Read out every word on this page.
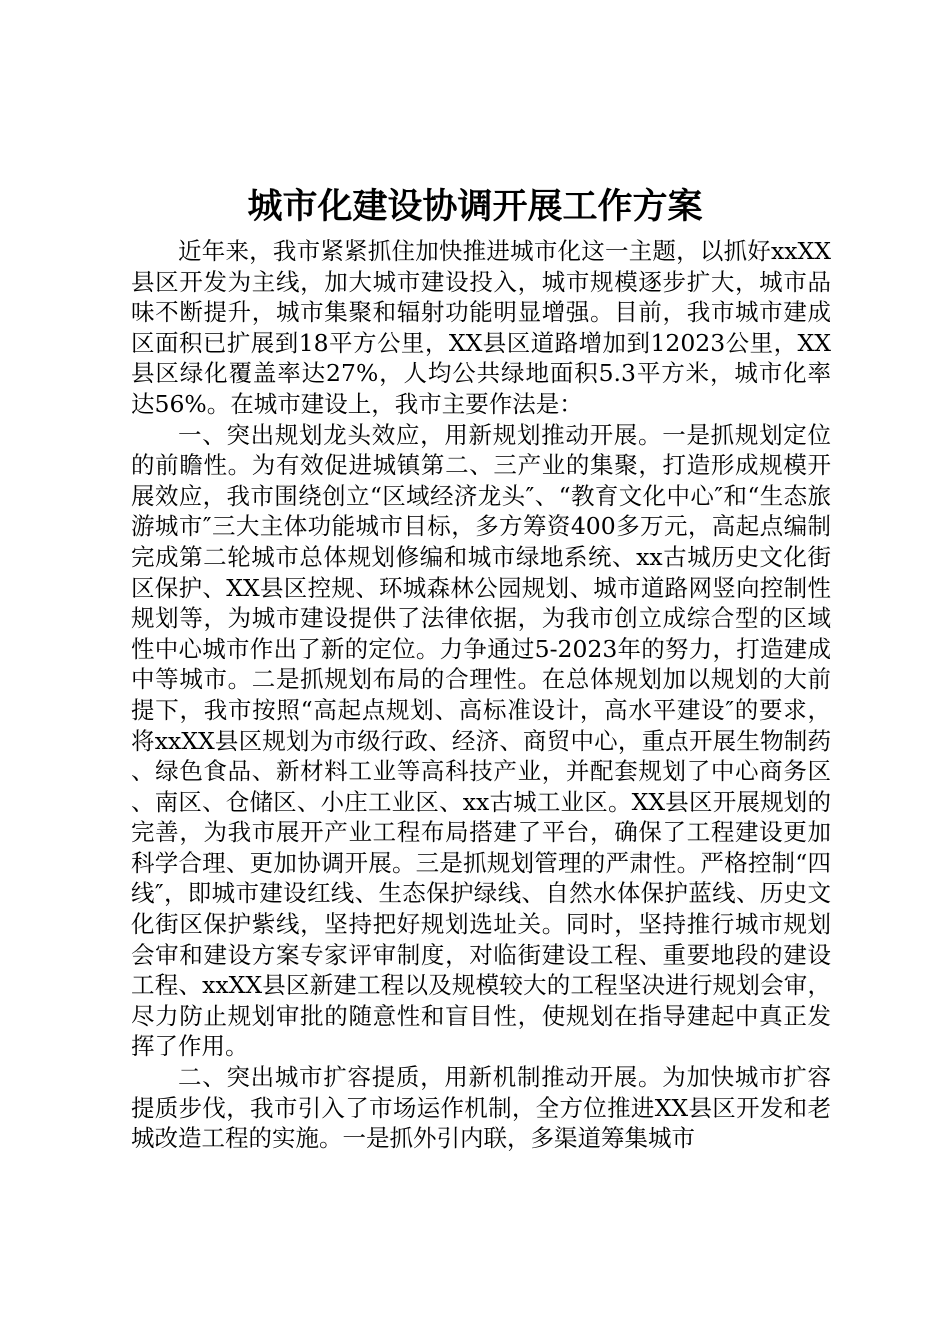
城市化建设协调开展工作方案

近年来，我市紧紧抓住加快推进城市化这一主题，以抓好xxXX县区开发为主线，加大城市建设投入，城市规模逐步扩大，城市品味不断提升，城市集聚和辐射功能明显增强。目前，我市城市建成区面积已扩展到18平方公里，XX县区道路增加到12023公里，XX县区绿化覆盖率达27%，人均公共绿地面积5.3平方米，城市化率达56%。在城市建设上，我市主要作法是：

一、突出规划龙头效应，用新规划推动开展。一是抓规划定位的前瞻性。为有效促进城镇第二、三产业的集聚，打造形成规模开展效应，我市围绕创立“区域经济龙头″、“教育文化中心″和“生态旅游城市″三大主体功能城市目标，多方筹资400多万元，高起点编制完成第二轮城市总体规划修编和城市绿地系统、xx古城历史文化街区保护、XX县区控规、环城森林公园规划、城市道路网竖向控制性规划等，为城市建设提供了法律依据，为我市创立成综合型的区域性中心城市作出了新的定位。力争通过5-2023年的努力，打造建成中等城市。二是抓规划布局的合理性。在总体规划加以规划的大前提下，我市按照“高起点规划、高标准设计，高水平建设″的要求，将xxXX县区规划为市级行政、经济、商贸中心，重点开展生物制药、绿色食品、新材料工业等高科技产业，并配套规划了中心商务区、南区、仓储区、小庄工业区、xx古城工业区。XX县区开展规划的完善，为我市展开产业工程布局搭建了平台，确保了工程建设更加科学合理、更加协调开展。三是抓规划管理的严肃性。严格控制“四线″，即城市建设红线、生态保护绿线、自然水体保护蓝线、历史文化街区保护紫线，坚持把好规划选址关。同时，坚持推行城市规划会审和建设方案专家评审制度，对临街建设工程、重要地段的建设工程、xxXX县区新建工程以及规模较大的工程坚决进行规划会审，尽力防止规划审批的随意性和盲目性，使规划在指导建起中真正发挥了作用。

二、突出城市扩容提质，用新机制推动开展。为加快城市扩容提质步伐，我市引入了市场运作机制，全方位推进XX县区开发和老城改造工程的实施。一是抓外引内联，多渠道筹集城市
